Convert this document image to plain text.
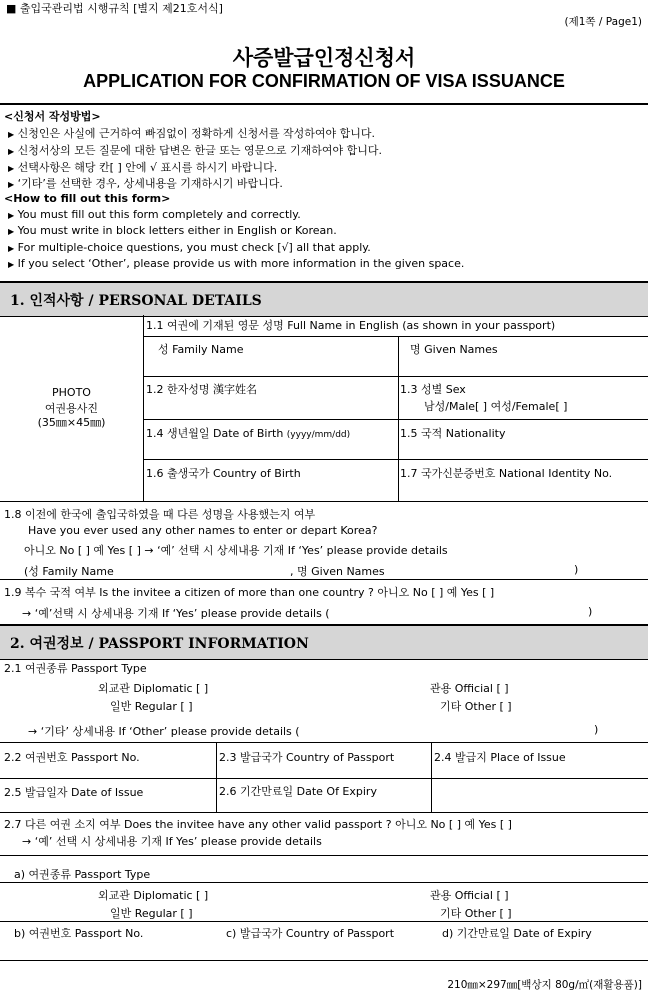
■ 출입국관리법 시행규칙 [별지 제21호서식]
(제1쪽 / Page1)
사증발급인정신청서
APPLICATION FOR CONFIRMATION OF VISA ISSUANCE
<신청서 작성방법>
▶ 신청인은 사실에 근거하여 빠짐없이 정확하게 신청서를 작성하여야 합니다.
▶ 신청서상의 모든 질문에 대한 답변은 한글 또는 영문으로 기재하여야 합니다.
▶ 선택사항은 해당 칸[ ] 안에 √ 표시를 하시기 바랍니다.
▶ ‘기타’를 선택한 경우, 상세내용을 기재하시기 바랍니다.
<How to fill out this form>
▶ You must fill out this form completely and correctly.
▶ You must write in block letters either in English or Korean.
▶ For multiple-choice questions, you must check [√] all that apply.
▶ If you select ‘Other’, please provide us with more information in the given space.
1. 인적사항 / PERSONAL DETAILS
PHOTO
여권용사진
(35㎜×45㎜)
1.1 여권에 기재된 영문 성명 Full Name in English (as shown in your passport)
성 Family Name	명 Given Names
1.2 한자성명 漢字姓名	1.3 성별 Sex
남성/Male[ ] 여성/Female[ ]
1.4 생년월일 Date of Birth (yyyy/mm/dd)	1.5 국적 Nationality
1.6 출생국가 Country of Birth	1.7 국가신분증번호 National Identity No.
1.8 이전에 한국에 출입국하였을 때 다른 성명을 사용했는지 여부
Have you ever used any other names to enter or depart Korea?
아니오 No [ ] 예 Yes [ ] → ‘예’ 선택 시 상세내용 기재 If ‘Yes’ please provide details
(성 Family Name	, 명 Given Names	)
1.9 복수 국적 여부 Is the invitee a citizen of more than one country ? 아니오 No [ ] 예 Yes [ ]
→ ‘예’선택 시 상세내용 기재 If ‘Yes’ please provide details (	)
2. 여권정보 / PASSPORT INFORMATION
2.1 여권종류 Passport Type
외교관 Diplomatic [ ]	관용 Official [ ]
일반 Regular [ ]	기타 Other [ ]
→ ‘기타’ 상세내용 If ‘Other’ please provide details (	)
2.2 여권번호 Passport No.	2.3 발급국가 Country of Passport	2.4 발급지 Place of Issue
2.5 발급일자 Date of Issue	2.6 기간만료일 Date Of Expiry
2.7 다른 여권 소지 여부 Does the invitee have any other valid passport ? 아니오 No [ ] 예 Yes [ ]
→ ‘예’ 선택 시 상세내용 기재 If Yes’ please provide details
a) 여권종류 Passport Type
외교관 Diplomatic [ ]	관용 Official [ ]
일반 Regular [ ]	기타 Other [ ]
b) 여권번호 Passport No.	c) 발급국가 Country of Passport	d) 기간만료일 Date of Expiry
210㎜×297㎜[백상지 80g/㎡(재활용품)]
